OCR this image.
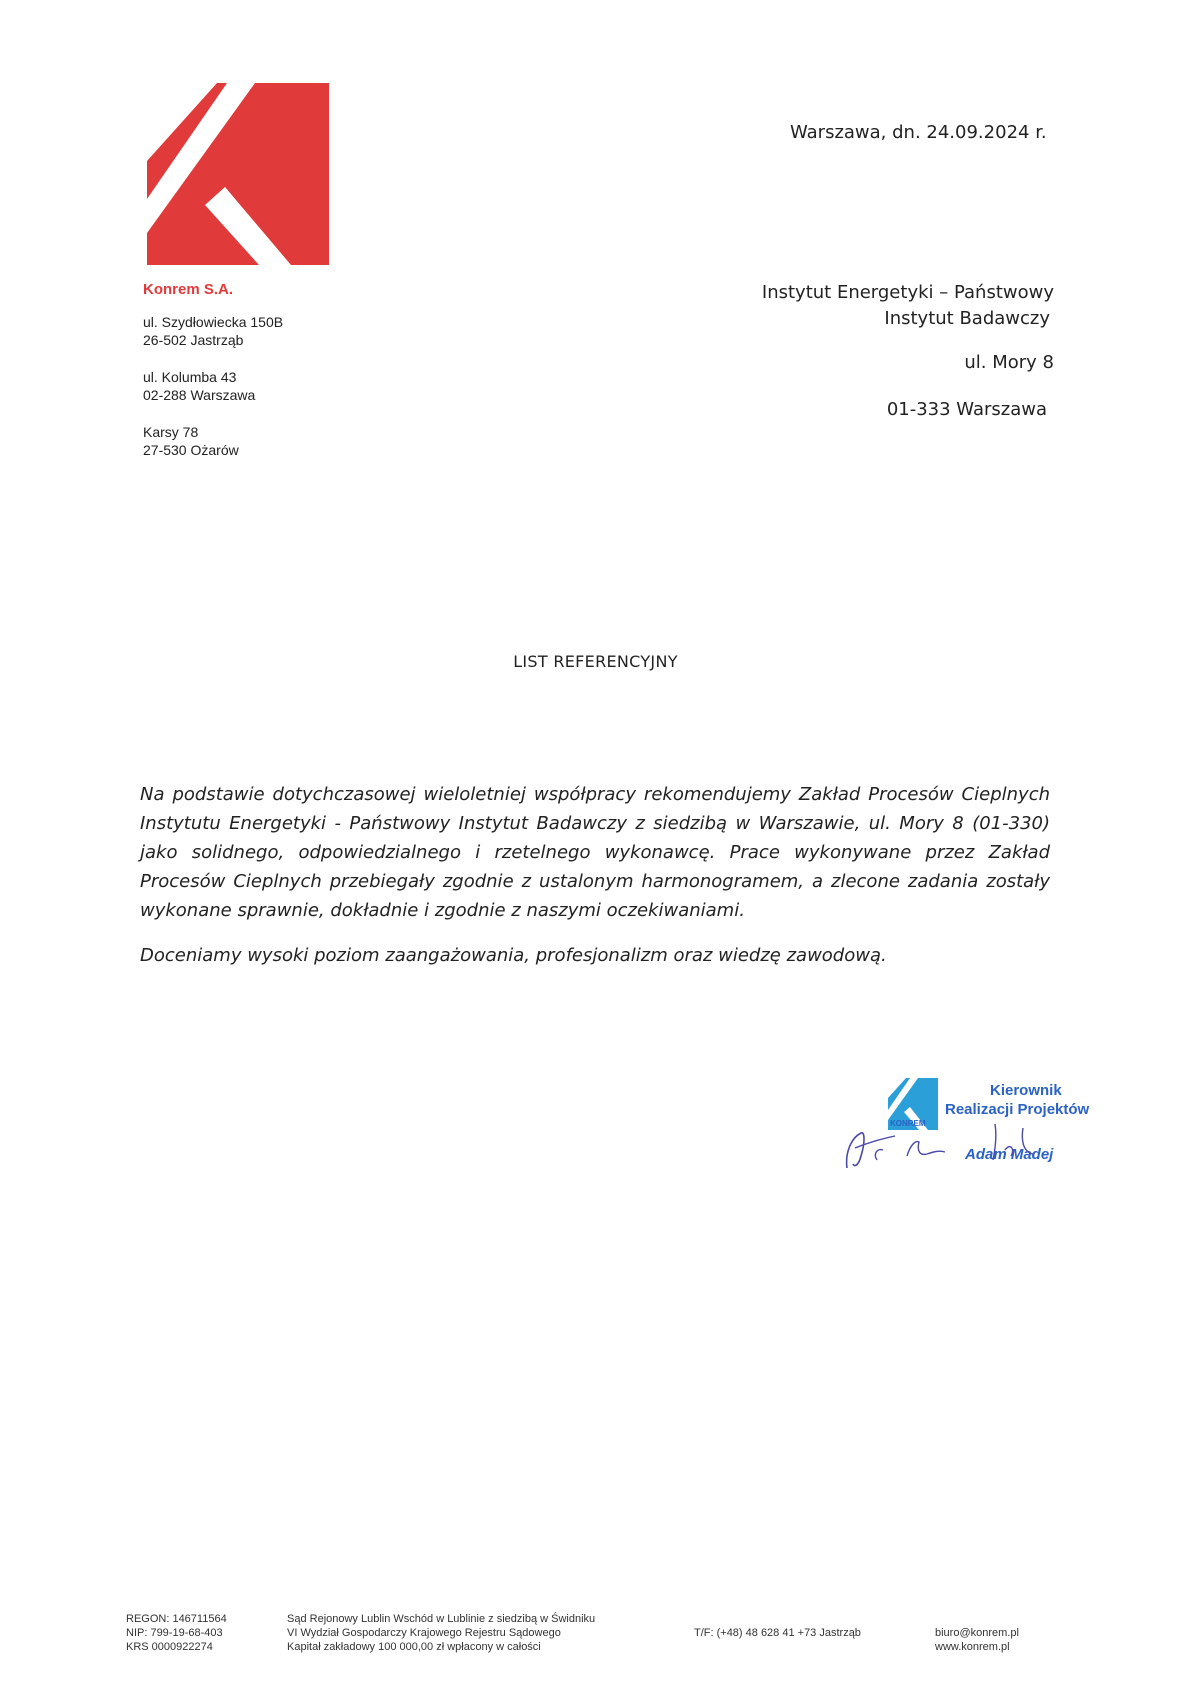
Konrem S.A.
ul. Szydłowiecka 150B
26-502 Jastrząb
ul. Kolumba 43
02-288 Warszawa
Karsy 78
27-530 Ożarów
Warszawa, dn. 24.09.2024 r.
Instytut Energetyki – Państwowy
Instytut Badawczy
ul. Mory 8
01-333 Warszawa
LIST REFERENCYJNY

Na podstawie dotychczasowej wieloletniej współpracy rekomendujemy Zakład Procesów Cieplnych Instytutu Energetyki - Państwowy Instytut Badawczy z siedzibą w Warszawie, ul. Mory 8 (01-330) jako solidnego, odpowiedzialnego i rzetelnego wykonawcę. Prace wykonywane przez Zakład Procesów Cieplnych przebiegały zgodnie z ustalonym harmonogramem, a zlecone zadania zostały wykonane sprawnie, dokładnie i zgodnie z naszymi oczekiwaniami.

Doceniamy wysoki poziom zaangażowania, profesjonalizm oraz wiedzę zawodową.

KONREM
Kierownik
Realizacji Projektów
Adam Madej
REGON: 146711564
NIP: 799-19-68-403
KRS 0000922274
Sąd Rejonowy Lublin Wschód w Lublinie z siedzibą w Świdniku
VI Wydział Gospodarczy Krajowego Rejestru Sądowego
Kapitał zakładowy 100 000,00 zł wpłacony w całości
T/F: (+48) 48 628 41 +73 Jastrząb	biuro@konrem.pl
www.konrem.pl
